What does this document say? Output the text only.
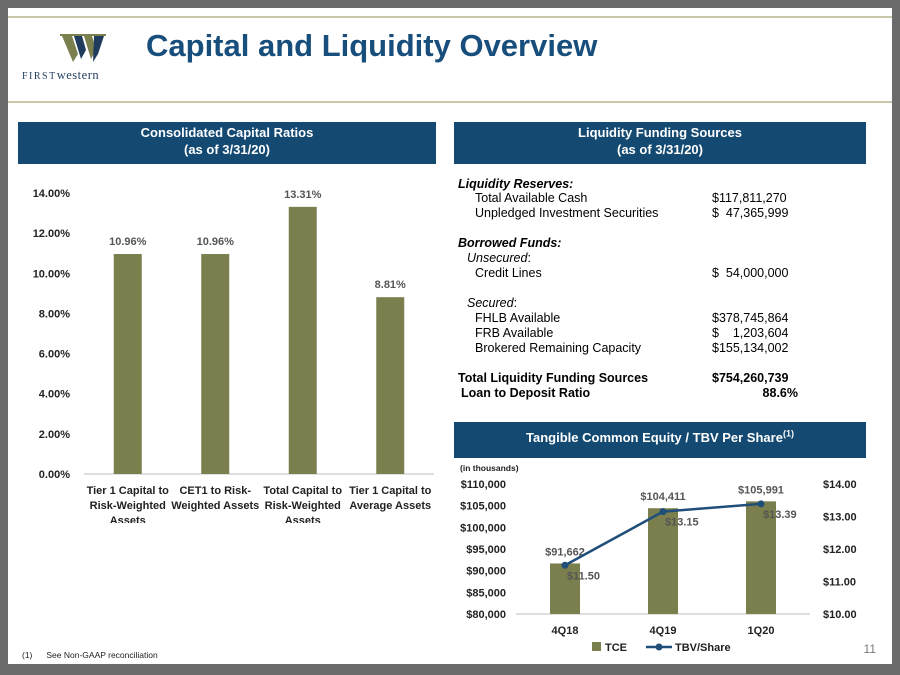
FIRSTwestern
Capital and Liquidity Overview
Consolidated Capital Ratios
(as of 3/31/20)
0.00%
2.00%
4.00%
6.00%
8.00%
10.00%
12.00%
14.00%
10.96%
Tier 1 Capital to
Risk-Weighted
Assets
10.96%
CET1 to Risk-
Weighted Assets
13.31%
Total Capital to
Risk-Weighted
Assets
8.81%
Tier 1 Capital to
Average Assets
Liquidity Funding Sources
(as of 3/31/20)
Liquidity Reserves:
Total Available Cash	$117,811,270
Unpledged Investment Securities	$  47,365,999
Borrowed Funds:
Unsecured:
Credit Lines	$  54,000,000
Secured:
FHLB Available	$378,745,864
FRB Available	$    1,203,604
Brokered Remaining Capacity	$155,134,002
Total Liquidity Funding Sources	$754,260,739
Loan to Deposit Ratio	88.6%
Tangible Common Equity / TBV Per Share$^{(1)}$
(in thousands)
$80,000
$85,000
$90,000
$95,000
$100,000
$105,000
$110,000
$10.00
$11.00
$12.00
$13.00
$14.00
$91,662
4Q18
$104,411
4Q19
$105,991
1Q20
$11.50
$13.15
$13.39
TCE	TBV/Share
(1) See Non-GAAP reconciliation	11
